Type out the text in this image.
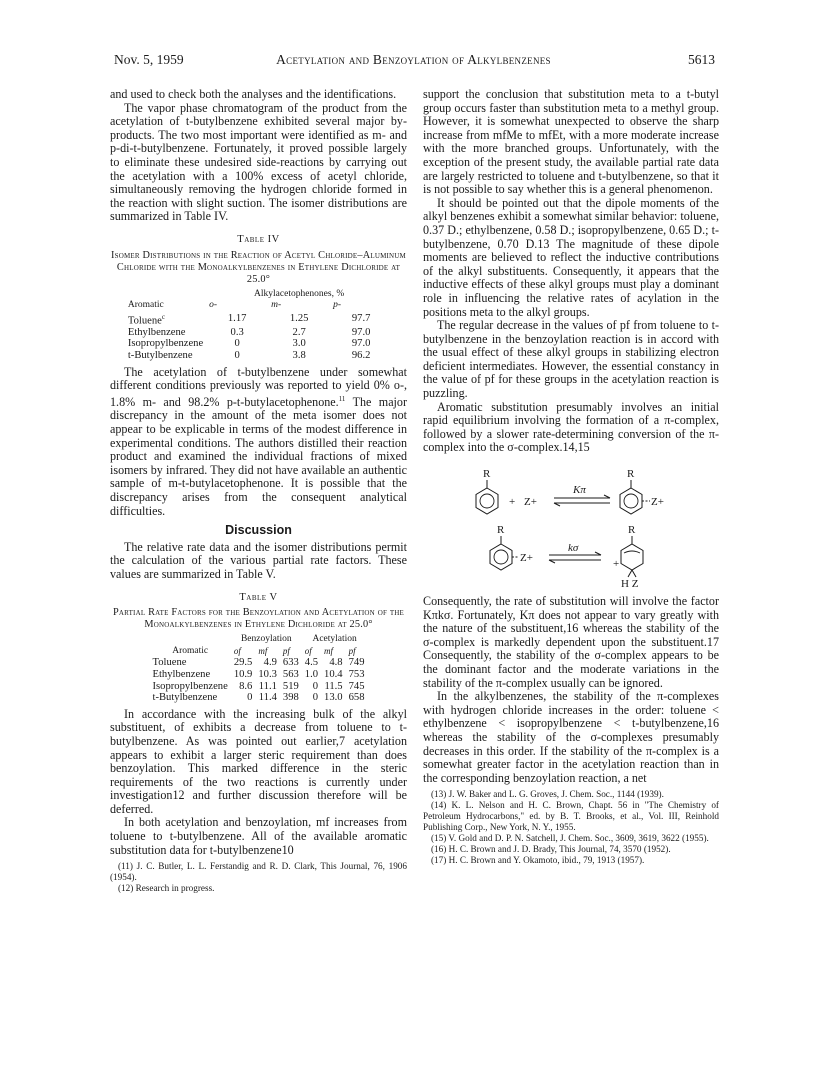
Nov. 5, 1959	Acetylation and Benzoylation of Alkylbenzenes	5613

and used to check both the analyses and the identifications.

The vapor phase chromatogram of the product from the acetylation of t-butylbenzene exhibited several major by-products. The two most important were identified as m- and p-di-t-butylbenzene. Fortunately, it proved possible largely to eliminate these undesired side-reactions by carrying out the acetylation with a 100% excess of acetyl chloride, simultaneously removing the hydrogen chloride formed in the reaction with slight suction. The isomer distributions are summarized in Table IV.

Table IV
Isomer Distributions in the Reaction of Acetyl Chloride–Aluminum Chloride with the Monoalkylbenzenes in Ethylene Dichloride at 25.0°
	Alkylacetophenones, %		
Aromatic	o-	m-	p-
Toluene$^c$	1.17	1.25	97.7
Ethylbenzene	0.3	2.7	97.0
Isopropylbenzene	0	3.0	97.0
t-Butylbenzene	0	3.8	96.2

The acetylation of t-butylbenzene under somewhat different conditions previously was reported to yield 0% o-, 1.8% m- and 98.2% p-t-butylacetophenone.$^{11}$ The major discrepancy in the amount of the meta isomer does not appear to be explicable in terms of the modest difference in experimental conditions. The authors distilled their reaction product and examined the individual fractions of mixed isomers by infrared. They did not have available an authentic sample of m-t-butylacetophenone. It is possible that the discrepancy arises from the consequent analytical difficulties.

Discussion

The relative rate data and the isomer distributions permit the calculation of the various partial rate factors. These values are summarized in Table V.

Table V
Partial Rate Factors for the Benzoylation and Acetylation of the Monoalkylbenzenes in Ethylene Dichloride at 25.0°
	Benzoylation			Acetylation		
Aromatic	of	mf	pf	of	mf	pf
Toluene	29.5	4.9	633	4.5	4.8	749
Ethylbenzene	10.9	10.3	563	1.0	10.4	753
Isopropylbenzene	8.6	11.1	519	0	11.5	745
t-Butylbenzene	0	11.4	398	0	13.0	658

In accordance with the increasing bulk of the alkyl substituent, of exhibits a decrease from toluene to t-butylbenzene. As was pointed out earlier,7 acetylation appears to exhibit a larger steric requirement than does benzoylation. This marked difference in the steric requirements of the two reactions is currently under investigation12 and further discussion therefore will be deferred.

In both acetylation and benzoylation, mf increases from toluene to t-butylbenzene. All of the available aromatic substitution data for t-butylbenzene10

(11) J. C. Butler, L. L. Ferstandig and R. D. Clark, This Journal, 76, 1906 (1954).

(12) Research in progress.

support the conclusion that substitution meta to a t-butyl group occurs faster than substitution meta to a methyl group. However, it is somewhat unexpected to observe the sharp increase from mfMe to mfEt, with a more moderate increase with the more branched groups. Unfortunately, with the exception of the present study, the available partial rate data are largely restricted to toluene and t-butylbenzene, so that it is not possible to say whether this is a general phenomenon.

It should be pointed out that the dipole moments of the alkyl benzenes exhibit a somewhat similar behavior: toluene, 0.37 D.; ethylbenzene, 0.58 D.; isopropylbenzene, 0.65 D.; t-butylbenzene, 0.70 D.13 The magnitude of these dipole moments are believed to reflect the inductive contributions of the alkyl substituents. Consequently, it appears that the inductive effects of these alkyl groups must play a dominant role in influencing the relative rates of acylation in the positions meta to the alkyl groups.

The regular decrease in the values of pf from toluene to t-butylbenzene in the benzoylation reaction is in accord with the usual effect of these alkyl groups in stabilizing electron deficient intermediates. However, the essential constancy in the value of pf for these groups in the acetylation reaction is puzzling.

Aromatic substitution presumably involves an initial rapid equilibrium involving the formation of a π-complex, followed by a slower rate-determining conversion of the π-complex into the σ-complex.14,15

R
+ Z+
Kπ
R
Z+
R
Z+
kσ
R
+
H Z

Consequently, the rate of substitution will involve the factor Kπkσ. Fortunately, Kπ does not appear to vary greatly with the nature of the substituent,16 whereas the stability of the σ-complex is markedly dependent upon the substituent.17 Consequently, the stability of the σ-complex appears to be the dominant factor and the moderate variations in the stability of the π-complex usually can be ignored.

In the alkylbenzenes, the stability of the π-complexes with hydrogen chloride increases in the order: toluene < ethylbenzene < isopropylbenzene < t-butylbenzene,16 whereas the stability of the σ-complexes presumably decreases in this order. If the stability of the π-complex is a somewhat greater factor in the acetylation reaction than in the corresponding benzoylation reaction, a net

(13) J. W. Baker and L. G. Groves, J. Chem. Soc., 1144 (1939).

(14) K. L. Nelson and H. C. Brown, Chapt. 56 in "The Chemistry of Petroleum Hydrocarbons," ed. by B. T. Brooks, et al., Vol. III, Reinhold Publishing Corp., New York, N. Y., 1955.

(15) V. Gold and D. P. N. Satchell, J. Chem. Soc., 3609, 3619, 3622 (1955).

(16) H. C. Brown and J. D. Brady, This Journal, 74, 3570 (1952).

(17) H. C. Brown and Y. Okamoto, ibid., 79, 1913 (1957).
